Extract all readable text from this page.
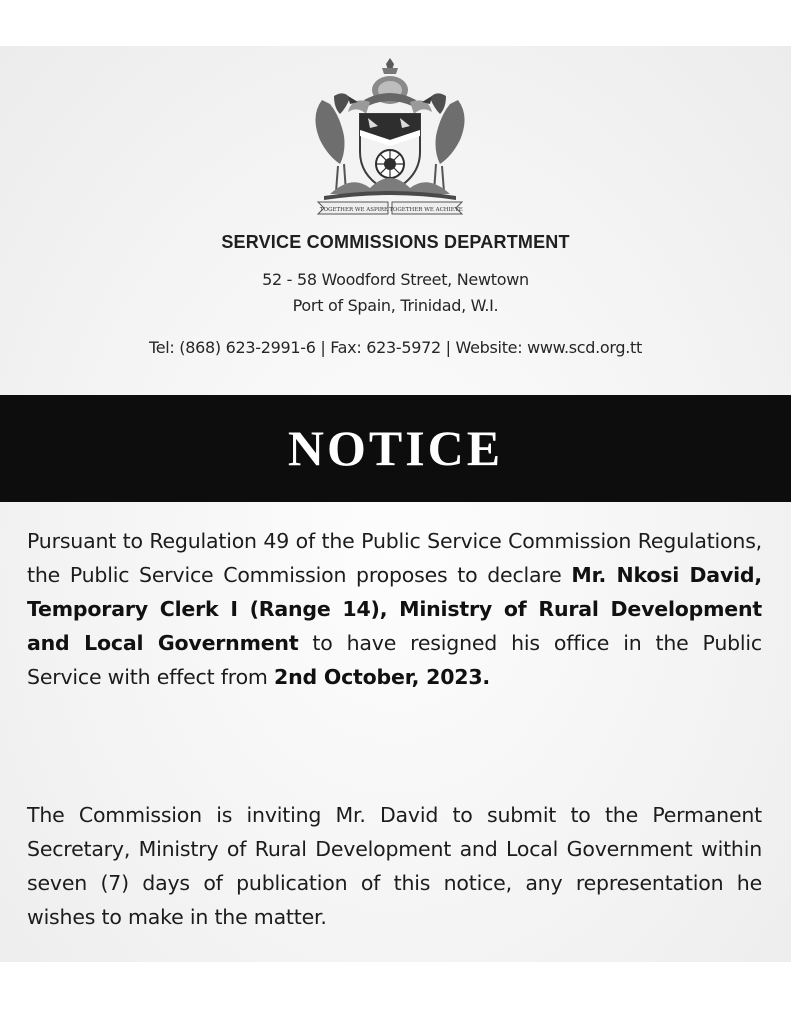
TOGETHER WE ASPIRE TOGETHER WE ACHIEVE
SERVICE COMMISSIONS DEPARTMENT
52 - 58 Woodford Street, Newtown
Port of Spain, Trinidad, W.I.
Tel: (868) 623-2991-6 | Fax: 623-5972 | Website: www.scd.org.tt
NOTICE
Pursuant to Regulation 49 of the Public Service Commission Regulations, the Public Service Commission proposes to declare Mr. Nkosi David, Temporary Clerk I (Range 14), Ministry of Rural Development and Local Government to have resigned his office in the Public Service with effect from 2nd October, 2023.
The Commission is inviting Mr. David to submit to the Permanent Secretary, Ministry of Rural Development and Local Government within seven (7) days of publication of this notice, any representation he wishes to make in the matter.
